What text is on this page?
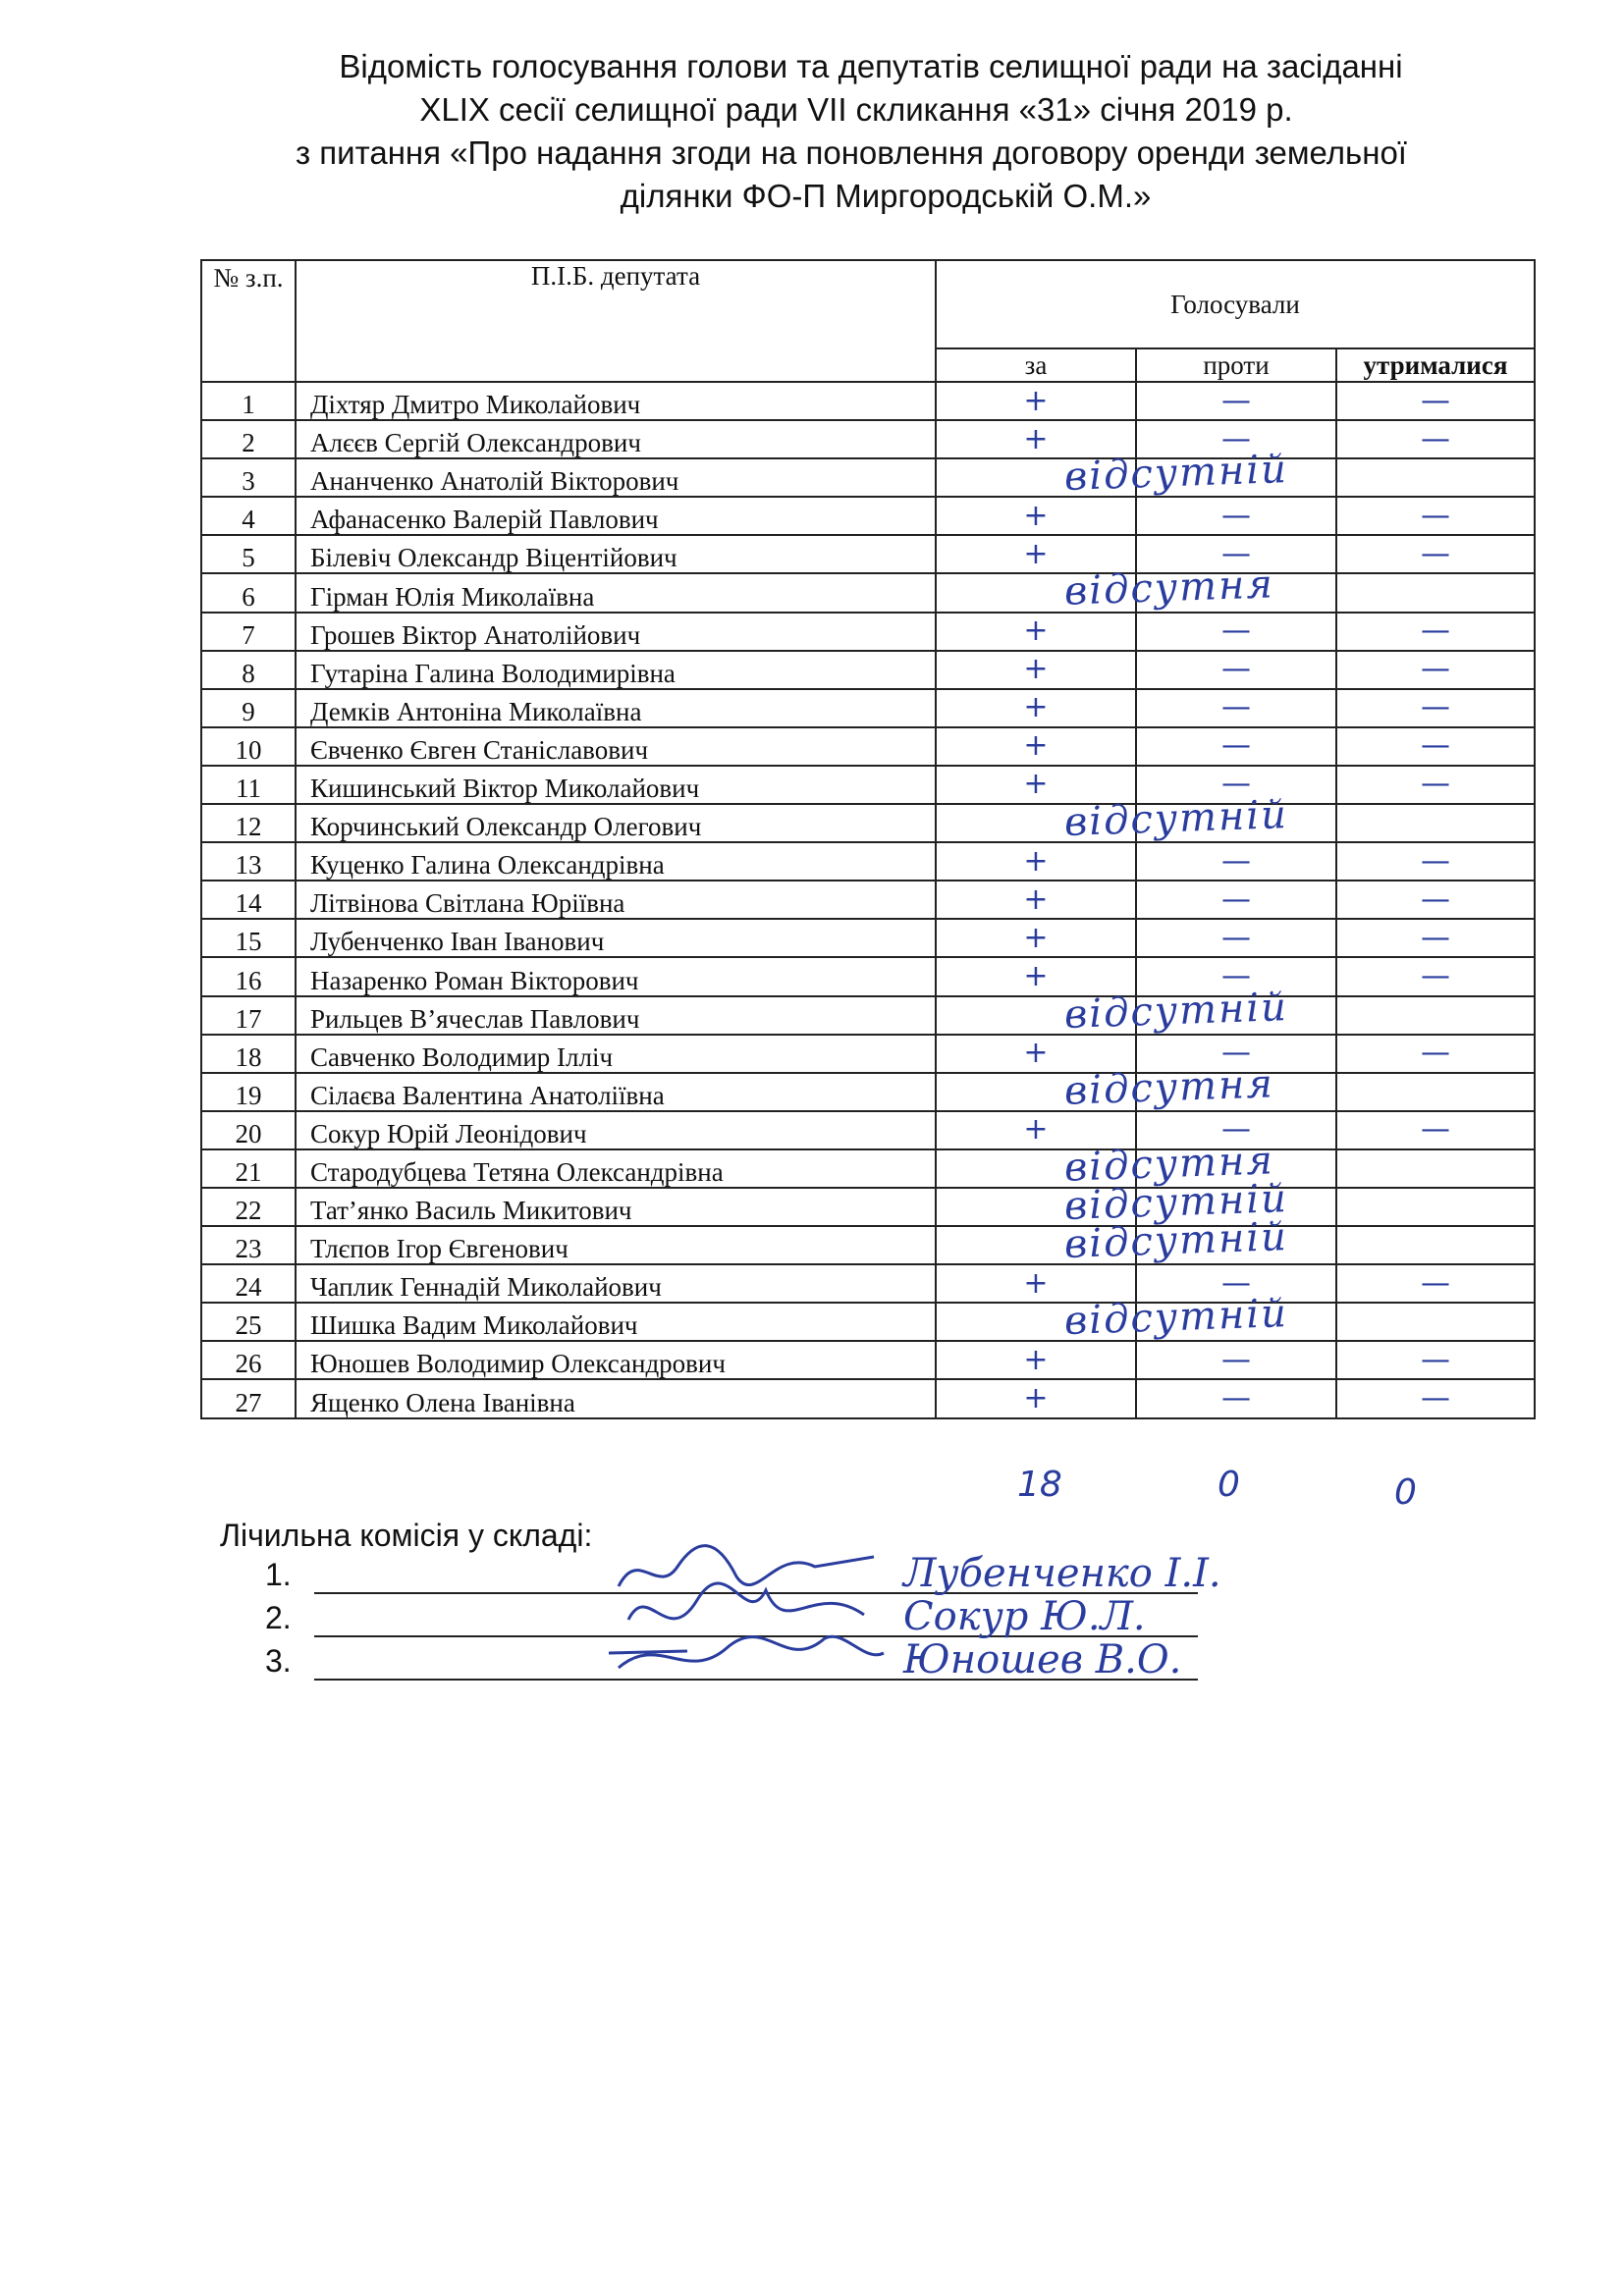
Відомість голосування голови та депутатів селищної ради на засіданні
XLIX сесії селищної ради VII скликання «31» січня 2019 р.
з питання «Про надання згоди на поновлення договору оренди земельної
ділянки ФО-П Миргородській О.М.»
№ з.п.	П.І.Б. депутата	Голосували		
		за	проти	утрималися
1	Діхтяр Дмитро Миколайович	+	—	—
2	Алєєв Сергій Олександрович	+	—	—
3	Ананченко Анатолій Вікторович	відсутній		

4	Афанасенко Валерій Павлович	+	—	—
5	Білевіч Олександр Віцентійович	+	—	—
6	Гірман Юлія Миколаївна	відсутня		

7	Грошев Віктор Анатолійович	+	—	—
8	Гутаріна Галина Володимирівна	+	—	—
9	Демків Антоніна Миколаївна	+	—	—
10	Євченко Євген Станіславович	+	—	—
11	Кишинський Віктор Миколайович	+	—	—
12	Корчинський Олександр Олегович	відсутній		

13	Куценко Галина Олександрівна	+	—	—
14	Літвінова Світлана Юріївна	+	—	—
15	Лубенченко Іван Іванович	+	—	—
16	Назаренко Роман Вікторович	+	—	—
17	Рильцев В’ячеслав Павлович	відсутній		

18	Савченко Володимир Ілліч	+	—	—
19	Сілаєва Валентина Анатоліївна	відсутня		

20	Сокур Юрій Леонідович	+	—	—
21	Стародубцева Тетяна Олександрівна	відсутня		

22	Тат’янко Василь Микитович	відсутній		

23	Тлєпов Ігор Євгенович	відсутній		

24	Чаплик Геннадій Миколайович	+	—	—
25	Шишка Вадим Миколайович	відсутній		

26	Юношев Володимир Олександрович	+	—	—
27	Ященко Олена Іванівна	+	—	—
18	0	0
Лічильна комісія у складі:
1.	Лубенченко І.І.
2.	Сокур Ю.Л.
3.	Юношев В.О.
